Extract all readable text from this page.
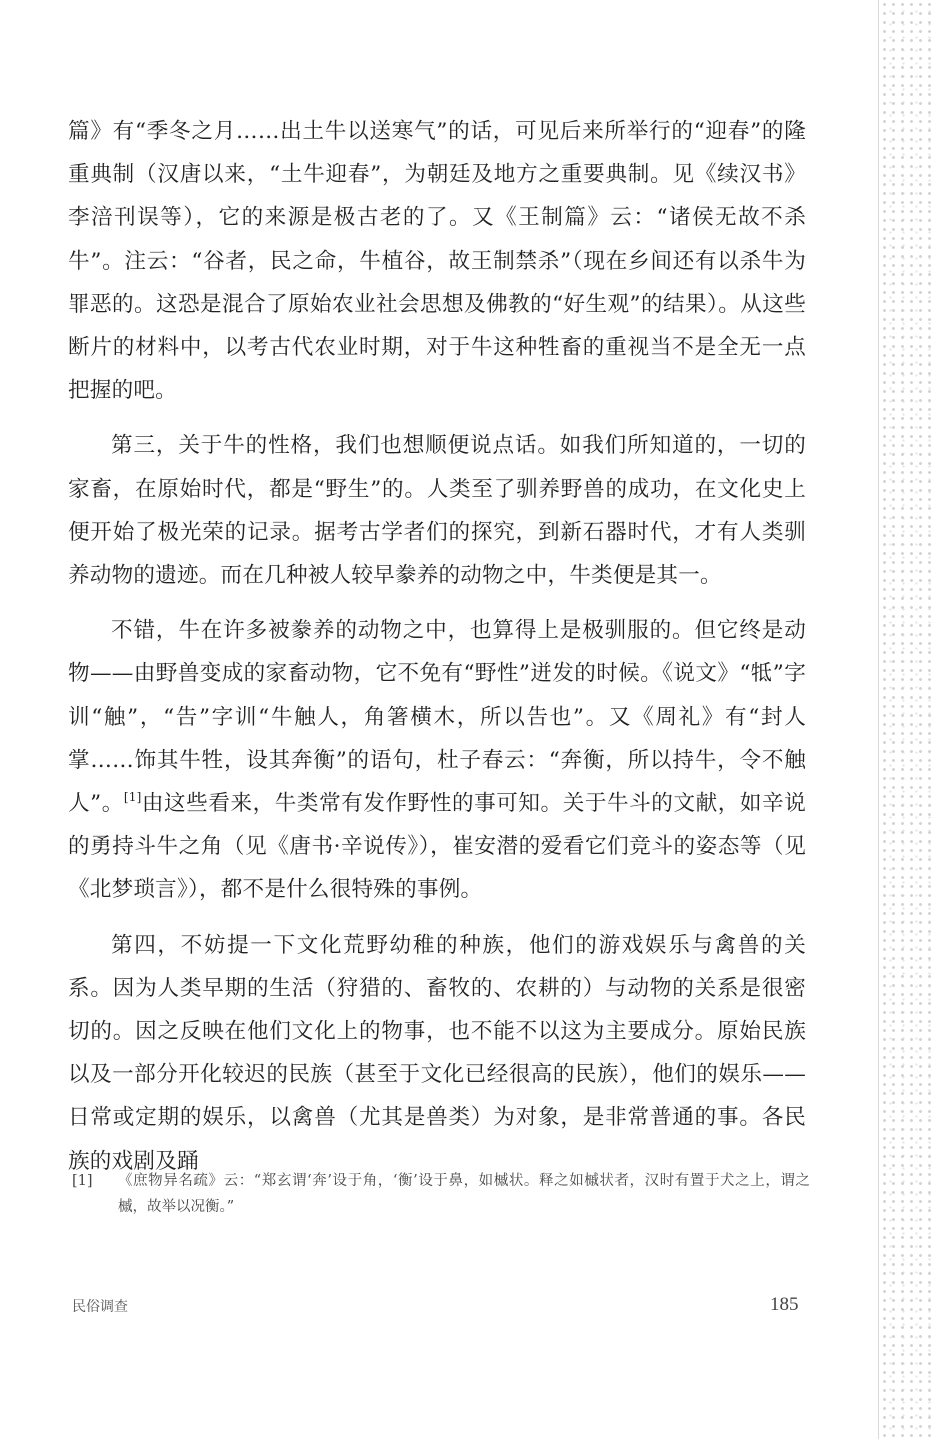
篇》有“季冬之月……出土牛以送寒气”的话，可见后来所举行的“迎春”的隆重典制（汉唐以来，“土牛迎春”，为朝廷及地方之重要典制。见《续汉书》李涪刊误等），它的来源是极古老的了。又《王制篇》云：“诸侯无故不杀牛”。注云：“谷者，民之命，牛植谷，故王制禁杀”（现在乡间还有以杀牛为罪恶的。这恐是混合了原始农业社会思想及佛教的“好生观”的结果）。从这些断片的材料中，以考古代农业时期，对于牛这种牲畜的重视当不是全无一点把握的吧。

第三，关于牛的性格，我们也想顺便说点话。如我们所知道的，一切的家畜，在原始时代，都是“野生”的。人类至了驯养野兽的成功，在文化史上便开始了极光荣的记录。据考古学者们的探究，到新石器时代，才有人类驯养动物的遗迹。而在几种被人较早豢养的动物之中，牛类便是其一。

不错，牛在许多被豢养的动物之中，也算得上是极驯服的。但它终是动物——由野兽变成的家畜动物，它不免有“野性”迸发的时候。《说文》“牴”字训“触”，“告”字训“牛触人，角箸横木，所以告也”。又《周礼》有“封人掌……饰其牛牲，设其奔衡”的语句，杜子春云：“奔衡，所以持牛，令不触人”。[1]由这些看来，牛类常有发作野性的事可知。关于牛斗的文献，如辛说的勇持斗牛之角（见《唐书·辛说传》），崔安潜的爱看它们竞斗的姿态等（见《北梦琐言》），都不是什么很特殊的事例。

第四，不妨提一下文化荒野幼稚的种族，他们的游戏娱乐与禽兽的关系。因为人类早期的生活（狩猎的、畜牧的、农耕的）与动物的关系是很密切的。因之反映在他们文化上的物事，也不能不以这为主要成分。原始民族以及一部分开化较迟的民族（甚至于文化已经很高的民族），他们的娱乐——日常或定期的娱乐，以禽兽（尤其是兽类）为对象，是非常普通的事。各民族的戏剧及踊

[1]	《庶物异名疏》云：“郑玄谓‘奔’设于角，‘衡’设于鼻，如槭状。释之如槭状者，汉时有置于犬之上，谓之槭，故举以况衡。”
民俗调查	185
